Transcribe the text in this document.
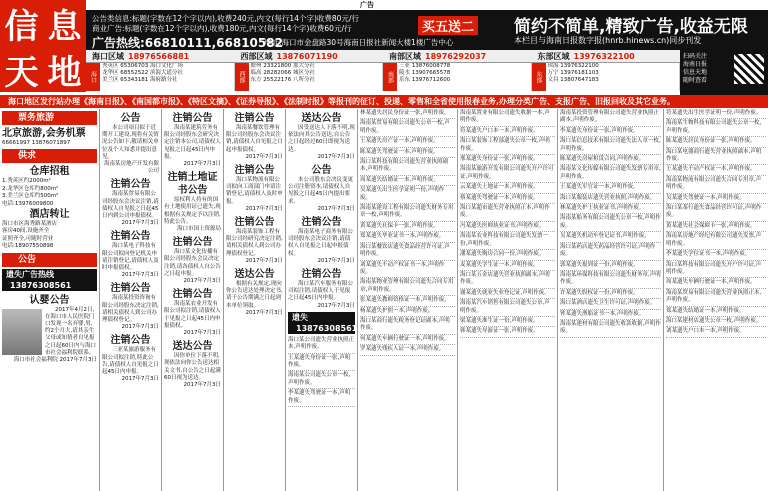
广告
信 息
天 地
公告类信息:标题(字数在12个字以内),收费240元,内文(每行14个字)收费80元/行
商业广告:标题(字数在12个字以内),收费180元,内文(每行14个字)收费60元/行
广告热线:66810111,66810582
地址:海口市金盘路30号海南日报社新闻大楼1楼广告中心
买五送二 简约不简单,精致广告,收益无限
本栏目与海南日报数字报(hnrb.hinews.cn)同步刊发
海口区域 18976566881	西部区域 13876071190	南部区域 18976292037	东部区域 13976322100
海口
秀英区 65306703 海口文化广场
龙华区 68552522 滨海大道分社
美兰区 65343181 海府路分社	西部
儋州 23321800 那大分社
临高 28282066 城区分社
东方 25522176 八所分社	南部
三亚 13876008778
陵水 13907665578
乐东 13976712600	东部
琼海 13976322100
万宁 13976181103
文昌 13807647183
扫码关注
海南日报
信息天地
随时查看
海口地区发行站办理《海南日报》、《南国都市报》、《特区文摘》、《证券导报》、《法制时报》等报刊的征订、投递、零售和全省使用报春业务,办理分类广告、支报广告、旧报回收及其它业务。
票务旅游
北京旅游,会务机票
66661997 13876071897
供求
仓库招租
1.秀英区约2000m²
2.龙华区仓库约800m²
3.美兰区仓库约500m²
电话:13976009800
酒店转让
海口市区海秀路某酒店
客房40间,设施齐全
证照齐全,可随时营业
电话:18907550898
公告
遗失广告热线13876308561
认婴公告
2017年4月2日,在海口市人民医院门口发现一名弃婴,男,约2个月大,请其亲生父母或知情者自见报之日起60日内与海口市社会福利院联系。
海口市社会福利院 2017年7月3日
公告
本公司项目拟于近期开工建设,现将有关情况公告如下,敬请相关单位及个人知悉并提出意见。
海南某房地产开发有限公司
注销公告
海南某贸易有限公司经股东会决议注销,请债权人自见报之日起45日内到公司申报债权。
2017年7月3日
注销公告
海口某电子科技有限公司拟向登记机关申请注销登记,请债权人及时申报债权。
2017年7月3日
注销公告
海南某投资咨询有限公司经股东决定注销,请相关债权人到公司办理债权登记。
2017年7月3日
注销公告
三亚某旅游服务有限公司拟注销,特此公告,请债权人自见报之日起45日内申报。
2017年7月3日
注销公告
海南某建筑劳务有限公司经股东会研究决定注销本公司,请债权人见报之日起45日内申报。
2017年7月3日
注销土地证书公告
原权利人持有的国有土地使用证已遗失,现根据有关规定予以注销,特此公告。
海口市国土资源局
注销公告
海口某文化传播有限公司经股东会议决定注销,请各债权人自公告之日起申报。
2017年7月3日
注销公告
海南某农业开发有限公司拟注销,请债权人于见报之日起45日内申报债权。
2017年7月3日
送达公告
因你单位下落不明,现依法向你公告送达相关文书,自公告之日起满60日视为送达。
2017年7月3日
注销公告
海南某餐饮管理有限公司经股东会决议注销,请债权人自见报之日起申报债权。
2017年7月3日
注销公告
海口某物流有限公司拟向工商部门申请注销登记,请债权人及时申报。
2017年7月3日
注销公告
海南某装饰工程有限公司经研究决定注销,请相关债权人到公司办理债权登记。
2017年7月3日
送达公告
根据有关规定,现向你公告送达处理决定书,请于公告期满之日起到本单位领取。
2017年7月3日
送达公告
因受送达人下落不明,现依法向其公告送达,自公告之日起经过60日即视为送达。
2017年7月3日
公告
本公司股东会决议变更公司注册资本,请债权人自见报之日起45日内提出要求。
2017年7月3日
注销公告
海南某电子商务有限公司经股东会决议注销,请债权人自见报之日起申报债权。
2017年7月3日
注销公告
海口某汽车服务有限公司拟注销,请债权人于见报之日起45日内申报。
2017年7月3日
遗失13876308561

海口某公司遗失营业执照正本,声明作废。

王某遗失身份证一张,声明作废。

海南某公司遗失公章一枚,声明作废。

李某遗失驾驶证一本,声明作废。

林某遗失居民身份证一张,声明作废。

海南某贸易有限公司遗失公章一枚,声明作废。

王某遗失房产证一本,声明作废。

陈某遗失驾驶证一本,声明作废。

海口某科技有限公司遗失营业执照副本,声明作废。

周某遗失结婚证一本,声明作废。

吴某遗失出生医学证明一份,声明作废。

海南某建设工程有限公司遗失财务专用章一枚,声明作废。

黄某遗失社保卡一张,声明作废。

郑某遗失毕业证书一本,声明作废。

海口某餐饮店遗失食品经营许可证,声明作废。

刘某遗失不动产权证书一本,声明作废。

海南某物业管理有限公司遗失合同专用章,声明作废。

张某遗失教师资格证一本,声明作废。

杨某遗失护照一本,声明作废。

海口某商行遗失税务登记证副本,声明作废。

何某遗失车辆行驶证一本,声明作废。

罗某遗失残疾人证一本,声明作废。

海南某置业有限公司遗失收据一本,声明作废。

符某遗失户口本一本,声明作废。

海口某装饰工程部遗失公章一枚,声明作废。

邢某遗失身份证一张,声明作废。

海南某旅游开发有限公司遗失开户许可证,声明作废。

云某遗失土地证一本,声明作废。

蔡某遗失驾驶证一本,声明作废。

海口某超市遗失营业执照正本,声明作废。

冯某遗失医师执业证书,声明作废。

海南某农业科技有限公司遗失发票一份,声明作废。

潘某遗失购房合同一份,声明作废。

麦某遗失学生证一本,声明作废。

海口某五金店遗失营业执照副本,声明作废。

谢某遗失就业失业登记证,声明作废。

海南某汽车销售有限公司遗失公章,声明作废。

梁某遗失准生证一份,声明作废。

韩某遗失导游证一张,声明作废。

海南某投资管理有限公司遗失营业执照正副本,声明作废。

李某遗失身份证一张,声明作废。

海口某信息技术有限公司遗失法人章一枚,声明作废。

陈某遗失房屋租赁合同,声明作废。

海南某文化传媒有限公司遗失发票专用章,声明作废。

王某遗失军官证一本,声明作废。

海口某服装店遗失营业执照,声明作废。

林某遗失护士执业证书,声明作废。

海南某船务有限公司遗失公章一枚,声明作废。

吴某遗失机动车登记证书,声明作废。

海口某药店遗失药品经营许可证,声明作废。

郭某遗失报到证一份,声明作废。

海南某环保科技有限公司遗失财务章,声明作废。

许某遗失股权证一份,声明作废。

海口某酒店遗失卫生许可证,声明作废。

钟某遗失渔船证书一本,声明作废。

海南某建材有限公司遗失收款收据,声明作废。

符某遗失出生医学证明一份,声明作废。

海南某生物科技有限公司遗失公章一枚,声明作废。

陈某遗失居民身份证一张,声明作废。

海口某电器商行遗失营业执照副本,声明作废。

王某遗失不动产权证一本,声明作废。

海南某物流有限公司遗失合同专用章,声明作废。

吴某遗失驾驶证一本,声明作废。

海口某茶行遗失食品经营许可证,声明作废。

黄某遗失社会保障卡一张,声明作废。

海南某房地产经纪有限公司遗失发票,声明作废。

李某遗失学位证书一本,声明作废。

海口某科技有限公司遗失开户许可证,声明作废。

周某遗失车辆行驶证一本,声明作废。

海南某贸易有限公司遗失营业执照正本,声明作废。

郑某遗失结婚证一本,声明作废。

海口某建材店遗失公章一枚,声明作废。

刘某遗失户口本一本,声明作废。
